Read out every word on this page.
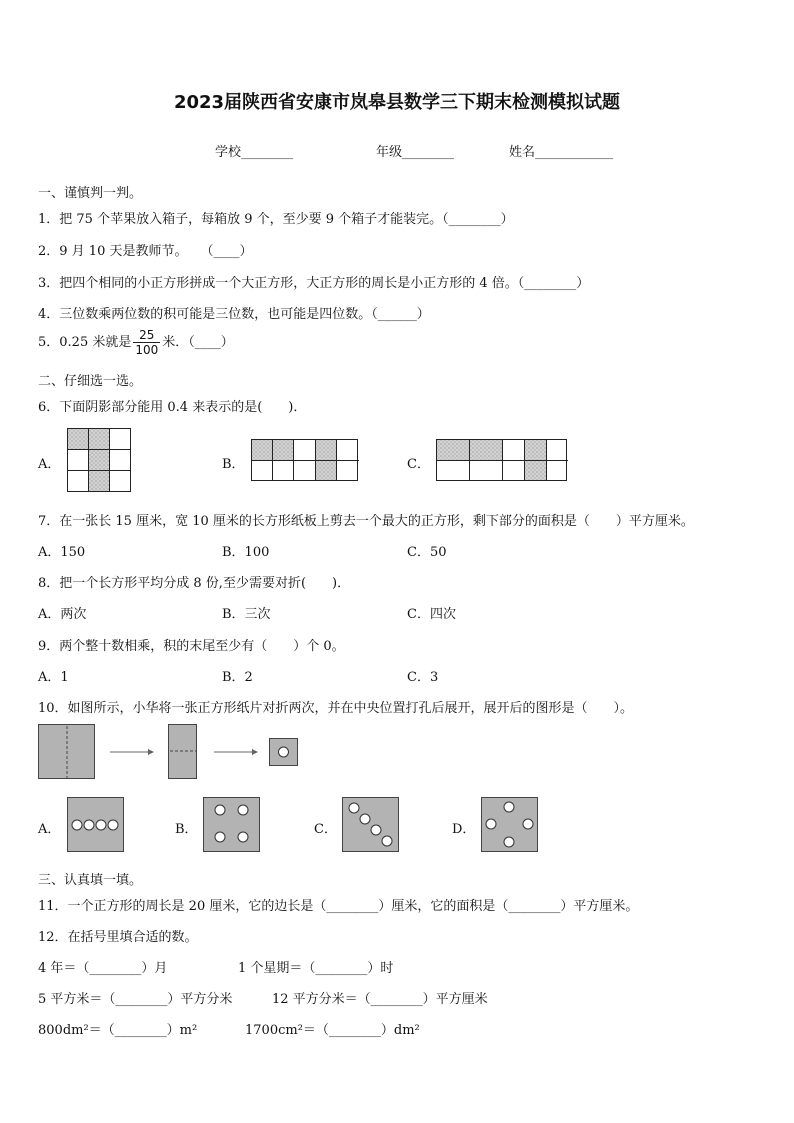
2023届陕西省安康市岚皋县数学三下期末检测模拟试题
学校________	年级________	姓名____________
一、谨慎判一判。
1．把 75 个苹果放入箱子，每箱放 9 个，至少要 9 个箱子才能装完。（________）
2．9 月 10 天是教师节。　　（____）
3．把四个相同的小正方形拼成一个大正方形，大正方形的周长是小正方形的 4 倍。（________）
4．三位数乘两位数的积可能是三位数，也可能是四位数。（______）
5．0.25 米就是 $\frac{25}{100}$ 米．（____）
二、仔细选一选。
6．下面阴影部分能用 0.4 来表示的是(　　)．
A．	B．	C．
7．在一张长 15 厘米，宽 10 厘米的长方形纸板上剪去一个最大的正方形，剩下部分的面积是（　　）平方厘米。
A．150	B．100	C．50
8．把一个长方形平均分成 8 份,至少需要对折(　　)．
A．两次	B．三次	C．四次
9．两个整十数相乘，积的末尾至少有（　　）个 0。
A．1	B．2	C．3
10．如图所示，小华将一张正方形纸片对折两次，并在中央位置打孔后展开，展开后的图形是（　　）。
A．	B．	C．	D．
三、认真填一填。
11．一个正方形的周长是 20 厘米，它的边长是（________）厘米，它的面积是（________）平方厘米。
12．在括号里填合适的数。
4 年＝（________）月	1 个星期＝（________）时
5 平方米＝（________）平方分米	12 平方分米＝（________）平方厘米
800dm²＝（________）m²	1700cm²＝（________）dm²
